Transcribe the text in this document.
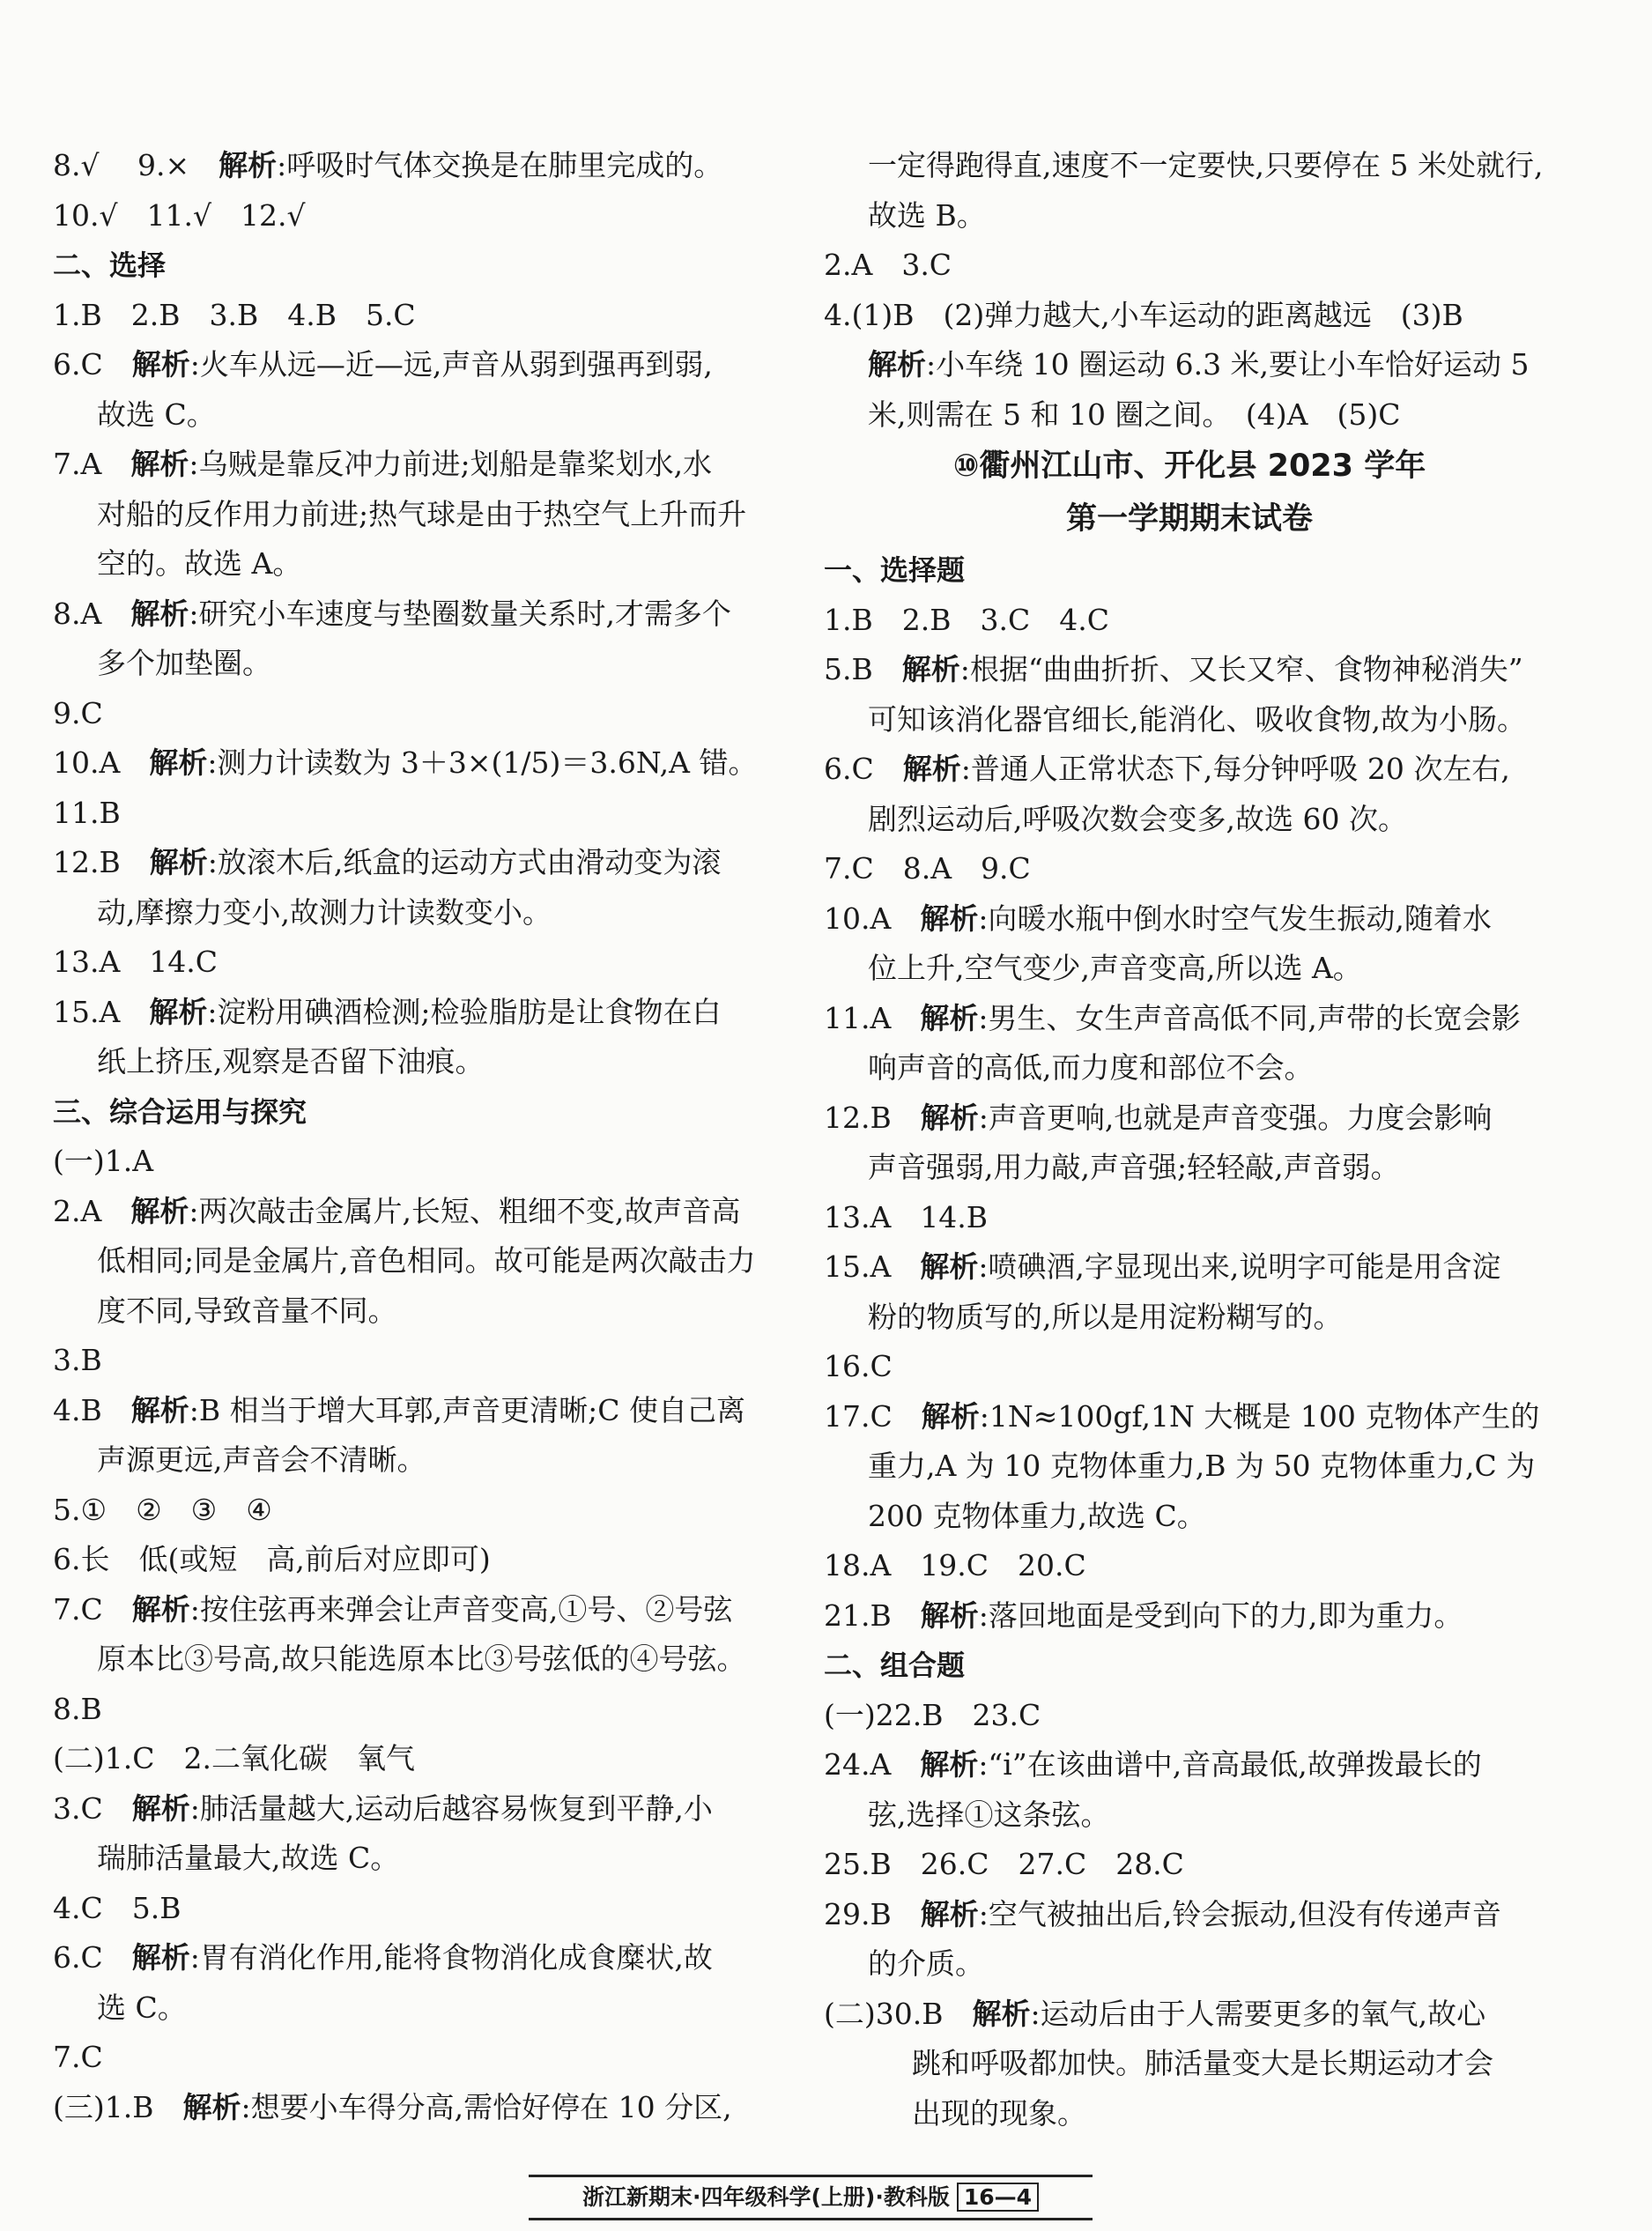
8.√　 9.×　解析:呼吸时气体交换是在肺里完成的。
10.√　11.√　12.√
二、选择
1.B　2.B　3.B　4.B　5.C
6.C　解析:火车从远—近—远,声音从弱到强再到弱,
故选 C。
7.A　解析:乌贼是靠反冲力前进;划船是靠桨划水,水
对船的反作用力前进;热气球是由于热空气上升而升
空的。故选 A。
8.A　解析:研究小车速度与垫圈数量关系时,才需多个
多个加垫圈。
9.C
10.A　解析:测力计读数为 3＋3×(1/5)＝3.6N,A 错。
11.B
12.B　解析:放滚木后,纸盒的运动方式由滑动变为滚
动,摩擦力变小,故测力计读数变小。
13.A　14.C
15.A　解析:淀粉用碘酒检测;检验脂肪是让食物在白
纸上挤压,观察是否留下油痕。
三、综合运用与探究
(一)1.A
2.A　解析:两次敲击金属片,长短、粗细不变,故声音高
低相同;同是金属片,音色相同。故可能是两次敲击力
度不同,导致音量不同。
3.B
4.B　解析:B 相当于增大耳郭,声音更清晰;C 使自己离
声源更远,声音会不清晰。
5.①　②　③　④
6.长　低(或短　高,前后对应即可)
7.C　解析:按住弦再来弹会让声音变高,①号、②号弦
原本比③号高,故只能选原本比③号弦低的④号弦。
8.B
(二)1.C　2.二氧化碳　氧气
3.C　解析:肺活量越大,运动后越容易恢复到平静,小
瑞肺活量最大,故选 C。
4.C　5.B
6.C　解析:胃有消化作用,能将食物消化成食糜状,故
选 C。
7.C
(三)1.B　解析:想要小车得分高,需恰好停在 10 分区,
一定得跑得直,速度不一定要快,只要停在 5 米处就行,
故选 B。
2.A　3.C
4.(1)B　(2)弹力越大,小车运动的距离越远　(3)B
解析:小车绕 10 圈运动 6.3 米,要让小车恰好运动 5
米,则需在 5 和 10 圈之间。　(4)A　(5)C
⑩衢州江山市、开化县 2023 学年
第一学期期末试卷
一、选择题
1.B　2.B　3.C　4.C
5.B　解析:根据“曲曲折折、又长又窄、食物神秘消失”
可知该消化器官细长,能消化、吸收食物,故为小肠。
6.C　解析:普通人正常状态下,每分钟呼吸 20 次左右,
剧烈运动后,呼吸次数会变多,故选 60 次。
7.C　8.A　9.C
10.A　解析:向暖水瓶中倒水时空气发生振动,随着水
位上升,空气变少,声音变高,所以选 A。
11.A　解析:男生、女生声音高低不同,声带的长宽会影
响声音的高低,而力度和部位不会。
12.B　解析:声音更响,也就是声音变强。力度会影响
声音强弱,用力敲,声音强;轻轻敲,声音弱。
13.A　14.B
15.A　解析:喷碘酒,字显现出来,说明字可能是用含淀
粉的物质写的,所以是用淀粉糊写的。
16.C
17.C　解析:1N≈100gf,1N 大概是 100 克物体产生的
重力,A 为 10 克物体重力,B 为 50 克物体重力,C 为
200 克物体重力,故选 C。
18.A　19.C　20.C
21.B　解析:落回地面是受到向下的力,即为重力。
二、组合题
(一)22.B　23.C
24.A　解析:“i̇”在该曲谱中,音高最低,故弹拨最长的
弦,选择①这条弦。
25.B　26.C　27.C　28.C
29.B　解析:空气被抽出后,铃会振动,但没有传递声音
的介质。
(二)30.B　解析:运动后由于人需要更多的氧气,故心
跳和呼吸都加快。肺活量变大是长期运动才会
出现的现象。
浙江新期末·四年级科学(上册)·教科版 16—4
